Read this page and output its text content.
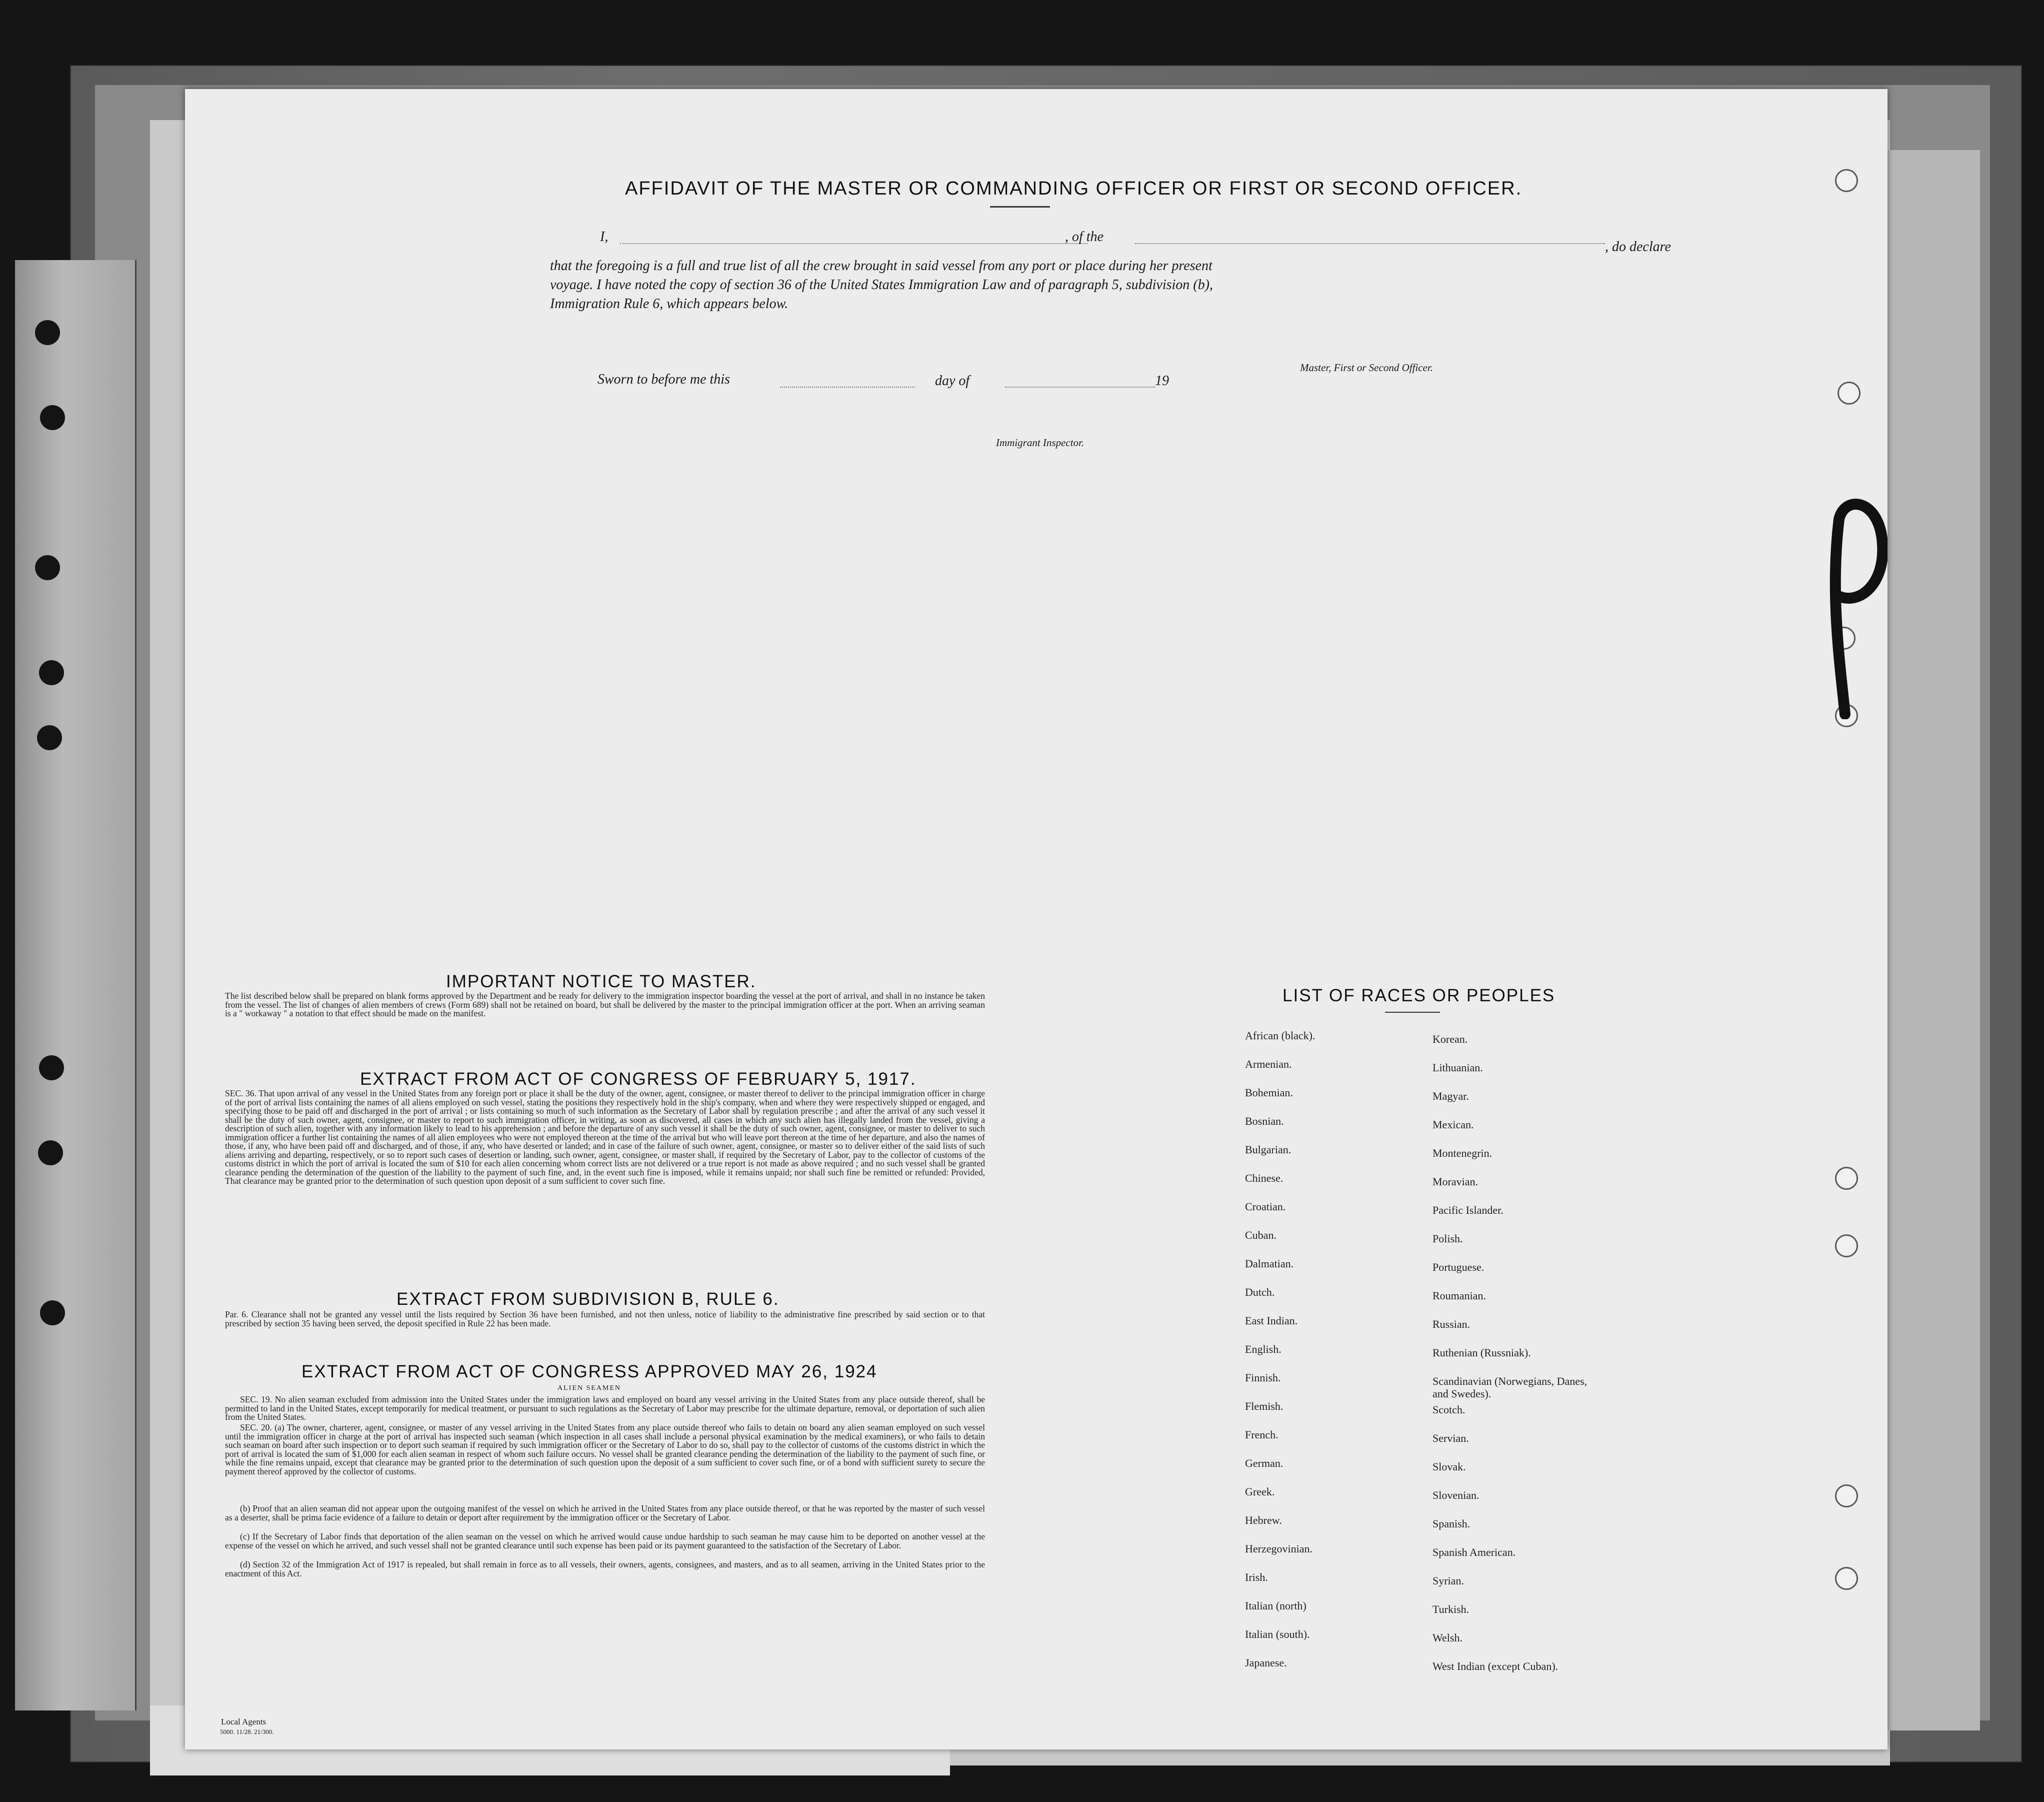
AFFIDAVIT OF THE MASTER OR COMMANDING OFFICER OR FIRST OR SECOND OFFICER.
I,	, of the
, do declare
that the foregoing is a full and true list of all the crew brought in said vessel from any port or place during her present
voyage. I have noted the copy of section 36 of the United States Immigration Law and of paragraph 5, subdivision (b),
Immigration Rule 6, which appears below.
Master, First or Second Officer.
Sworn to before me this	day of	19
Immigrant Inspector.
IMPORTANT NOTICE TO MASTER.
The list described below shall be prepared on blank forms approved by the Department and be ready for delivery to the immigration inspector boarding the vessel at the port of arrival, and shall in no instance be taken from the vessel. The list of changes of alien members of crews (Form 689) shall not be retained on board, but shall be delivered by the master to the principal immigration officer at the port. When an arriving seaman is a " workaway " a notation to that effect should be made on the manifest.
EXTRACT FROM ACT OF CONGRESS OF FEBRUARY 5, 1917.
SEC. 36. That upon arrival of any vessel in the United States from any foreign port or place it shall be the duty of the owner, agent, consignee, or master thereof to deliver to the principal immigration officer in charge of the port of arrival lists containing the names of all aliens employed on such vessel, stating the positions they respectively hold in the ship's company, when and where they were respectively shipped or engaged, and specifying those to be paid off and discharged in the port of arrival ; or lists containing so much of such information as the Secretary of Labor shall by regulation prescribe ; and after the arrival of any such vessel it shall be the duty of such owner, agent, consignee, or master to report to such immigration officer, in writing, as soon as discovered, all cases in which any such alien has illegally landed from the vessel, giving a description of such alien, together with any information likely to lead to his apprehension ; and before the departure of any such vessel it shall be the duty of such owner, agent, consignee, or master to deliver to such immigration officer a further list containing the names of all alien employees who were not employed thereon at the time of the arrival but who will leave port thereon at the time of her departure, and also the names of those, if any, who have been paid off and discharged, and of those, if any, who have deserted or landed; and in case of the failure of such owner, agent, consignee, or master so to deliver either of the said lists of such aliens arriving and departing, respectively, or so to report such cases of desertion or landing, such owner, agent, consignee, or master shall, if required by the Secretary of Labor, pay to the collector of customs of the customs district in which the port of arrival is located the sum of $10 for each alien concerning whom correct lists are not delivered or a true report is not made as above required ; and no such vessel shall be granted clearance pending the determination of the question of the liability to the payment of such fine, and, in the event such fine is imposed, while it remains unpaid; nor shall such fine be remitted or refunded: Provided, That clearance may be granted prior to the determination of such question upon deposit of a sum sufficient to cover such fine.
EXTRACT FROM SUBDIVISION B, RULE 6.
Par. 6. Clearance shall not be granted any vessel until the lists required by Section 36 have been furnished, and not then unless, notice of liability to the administrative fine prescribed by said section or to that prescribed by section 35 having been served, the deposit specified in Rule 22 has been made.
EXTRACT FROM ACT OF CONGRESS APPROVED MAY 26, 1924
ALIEN SEAMEN
SEC. 19. No alien seaman excluded from admission into the United States under the immigration laws and employed on board any vessel arriving in the United States from any place outside thereof, shall be permitted to land in the United States, except temporarily for medical treatment, or pursuant to such regulations as the Secretary of Labor may prescribe for the ultimate departure, removal, or deportation of such alien from the United States.
SEC. 20. (a) The owner, charterer, agent, consignee, or master of any vessel arriving in the United States from any place outside thereof who fails to detain on board any alien seaman employed on such vessel until the immigration officer in charge at the port of arrival has inspected such seaman (which inspection in all cases shall include a personal physical examination by the medical examiners), or who fails to detain such seaman on board after such inspection or to deport such seaman if required by such immigration officer or the Secretary of Labor to do so, shall pay to the collector of customs of the customs district in which the port of arrival is located the sum of $1,000 for each alien seaman in respect of whom such failure occurs. No vessel shall be granted clearance pending the determination of the liability to the payment of such fine, or while the fine remains unpaid, except that clearance may be granted prior to the determination of such question upon the deposit of a sum sufficient to cover such fine, or of a bond with sufficient surety to secure the payment thereof approved by the collector of customs.
(b) Proof that an alien seaman did not appear upon the outgoing manifest of the vessel on which he arrived in the United States from any place outside thereof, or that he was reported by the master of such vessel as a deserter, shall be prima facie evidence of a failure to detain or deport after requirement by the immigration officer or the Secretary of Labor.
(c) If the Secretary of Labor finds that deportation of the alien seaman on the vessel on which he arrived would cause undue hardship to such seaman he may cause him to be deported on another vessel at the expense of the vessel on which he arrived, and such vessel shall not be granted clearance until such expense has been paid or its payment guaranteed to the satisfaction of the Secretary of Labor.
(d) Section 32 of the Immigration Act of 1917 is repealed, but shall remain in force as to all vessels, their owners, agents, consignees, and masters, and as to all seamen, arriving in the United States prior to the enactment of this Act.
LIST OF RACES OR PEOPLES
African (black).
Armenian.
Bohemian.
Bosnian.
Bulgarian.
Chinese.
Croatian.
Cuban.
Dalmatian.
Dutch.
East Indian.
English.
Finnish.
Flemish.
French.
German.
Greek.
Hebrew.
Herzegovinian.
Irish.
Italian (north)
Italian (south).
Japanese.
Korean.
Lithuanian.
Magyar.
Mexican.
Montenegrin.
Moravian.
Pacific Islander.
Polish.
Portuguese.
Roumanian.
Russian.
Ruthenian (Russniak).
Scandinavian (Norwegians, Danes, and Swedes).
Scotch.
Servian.
Slovak.
Slovenian.
Spanish.
Spanish American.
Syrian.
Turkish.
Welsh.
West Indian (except Cuban).
Local Agents
5000. 11/28. 21/300.
